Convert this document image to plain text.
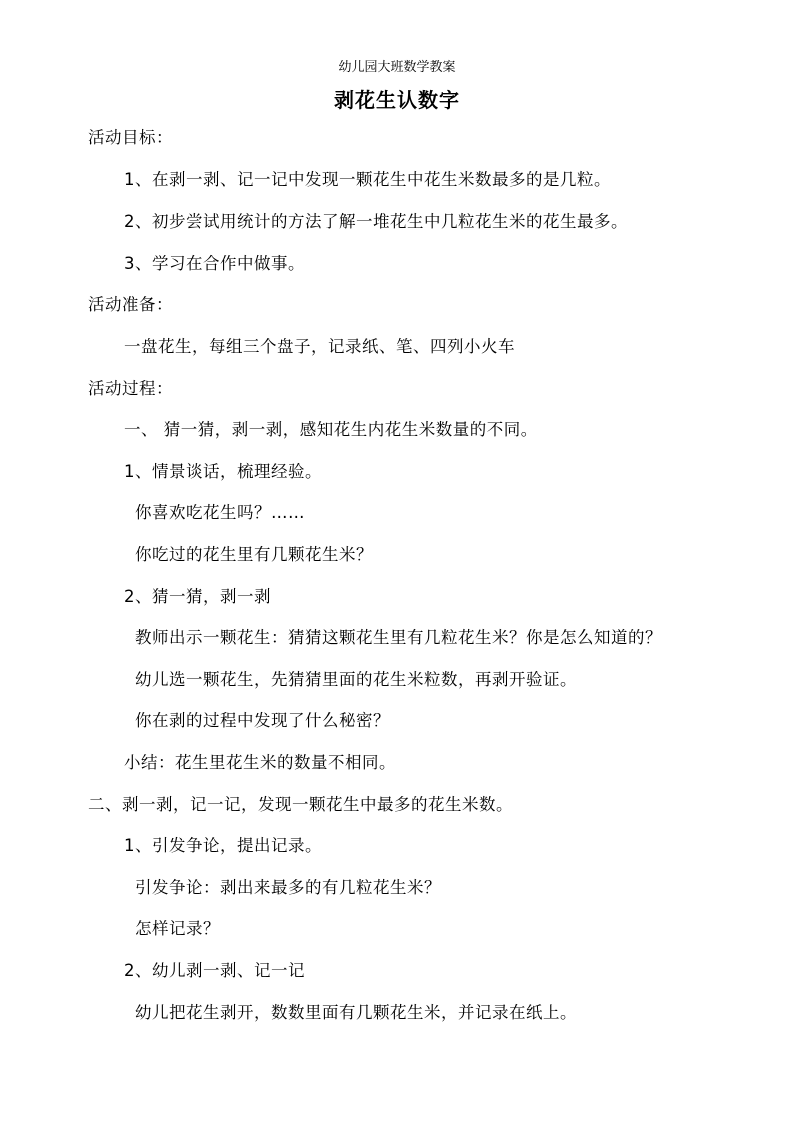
幼儿园大班数学教案
剥花生认数字
活动目标：
1、在剥一剥、记一记中发现一颗花生中花生米数最多的是几粒。
2、初步尝试用统计的方法了解一堆花生中几粒花生米的花生最多。
3、学习在合作中做事。
活动准备：
一盘花生，每组三个盘子，记录纸、笔、四列小火车
活动过程：
一、 猜一猜，剥一剥，感知花生内花生米数量的不同。
1、情景谈话，梳理经验。
你喜欢吃花生吗？……
你吃过的花生里有几颗花生米？
2、猜一猜，剥一剥
教师出示一颗花生：猜猜这颗花生里有几粒花生米？你是怎么知道的？
幼儿选一颗花生，先猜猜里面的花生米粒数，再剥开验证。
你在剥的过程中发现了什么秘密？
小结：花生里花生米的数量不相同。
二、剥一剥，记一记，发现一颗花生中最多的花生米数。
1、引发争论，提出记录。
引发争论：剥出来最多的有几粒花生米？
怎样记录？
2、幼儿剥一剥、记一记
幼儿把花生剥开，数数里面有几颗花生米，并记录在纸上。
